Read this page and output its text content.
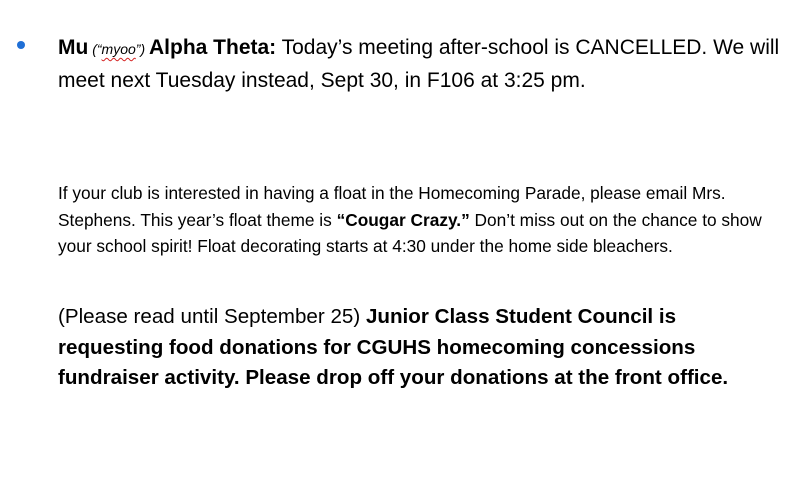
Mu (“myoo”) Alpha Theta: Today’s meeting after-school is CANCELLED. We will meet next Tuesday instead, Sept 30, in F106 at 3:25 pm.
If your club is interested in having a float in the Homecoming Parade, please email Mrs. Stephens. This year’s float theme is “Cougar Crazy.” Don’t miss out on the chance to show your school spirit! Float decorating starts at 4:30 under the home side bleachers.
(Please read until September 25) Junior Class Student Council is requesting food donations for CGUHS homecoming concessions fundraiser activity. Please drop off your donations at the front office.
